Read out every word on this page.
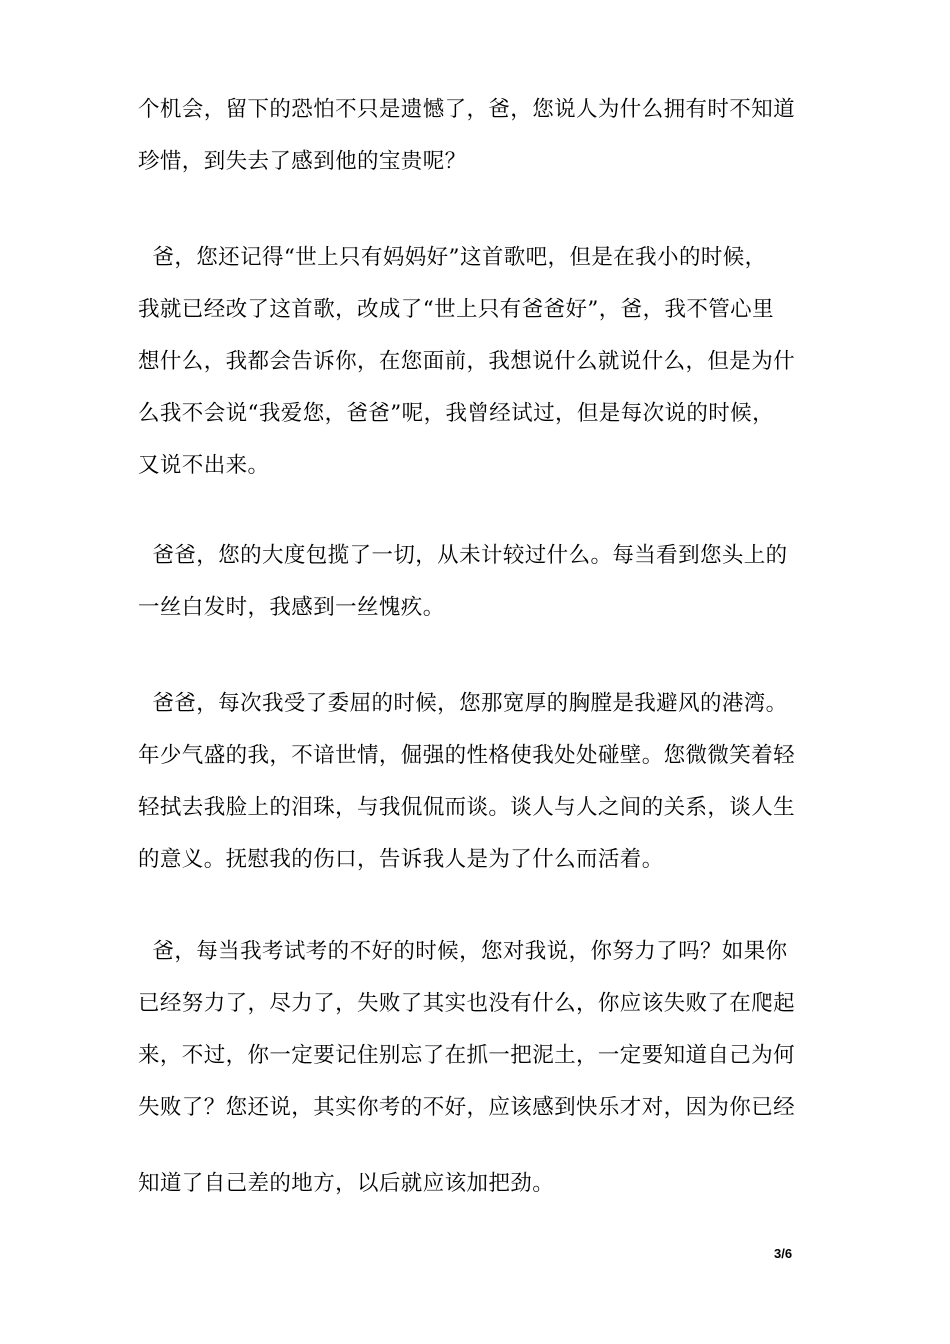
个机会，留下的恐怕不只是遗憾了，爸，您说人为什么拥有时不知道
珍惜，到失去了感到他的宝贵呢？

爸，您还记得“世上只有妈妈好”这首歌吧，但是在我小的时候，
我就已经改了这首歌，改成了“世上只有爸爸好”，爸，我不管心里
想什么，我都会告诉你，在您面前，我想说什么就说什么，但是为什
么我不会说“我爱您，爸爸”呢，我曾经试过，但是每次说的时候，
又说不出来。

爸爸，您的大度包揽了一切，从未计较过什么。每当看到您头上的
一丝白发时，我感到一丝愧疚。

爸爸，每次我受了委屈的时候，您那宽厚的胸膛是我避风的港湾。
年少气盛的我，不谙世情，倔强的性格使我处处碰壁。您微微笑着轻
轻拭去我脸上的泪珠，与我侃侃而谈。谈人与人之间的关系，谈人生
的意义。抚慰我的伤口，告诉我人是为了什么而活着。

爸，每当我考试考的不好的时候，您对我说，你努力了吗？如果你
已经努力了，尽力了，失败了其实也没有什么，你应该失败了在爬起
来，不过，你一定要记住别忘了在抓一把泥土，一定要知道自己为何
失败了？您还说，其实你考的不好，应该感到快乐才对，因为你已经

知道了自己差的地方，以后就应该加把劲。

3/6
